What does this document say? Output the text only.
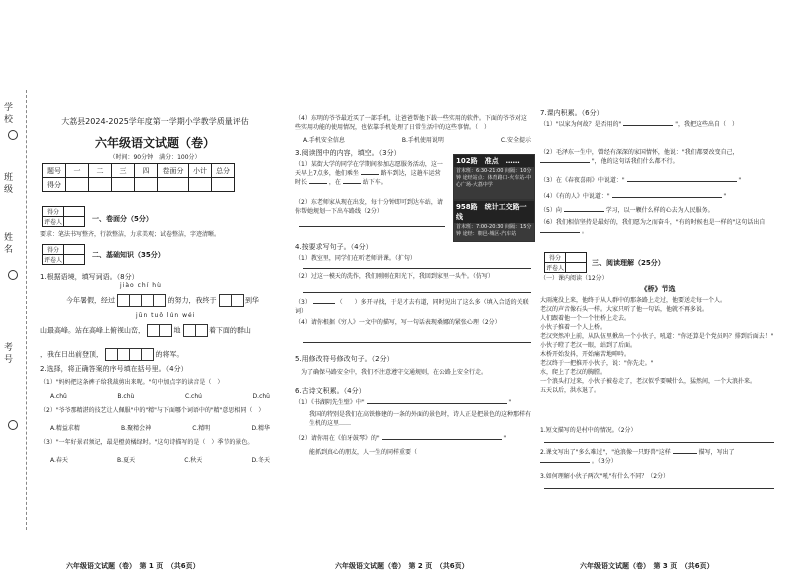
学
校
班
级
姓
名
考
号
大荔县2024-2025学年度第一学期小学教学质量评估
六年级语文试题（卷）
（时间：90分钟　满分：100分）
题号	一	二	三	四	卷面分	小计	总分
得分							
得分	
评卷人		一、卷面分（5分）
要求：笔法书写整齐，行款整洁，力求美观；试卷整洁，字迹清晰。
得分	
评卷人	
二、基础知识（35分）
1.根据语境，填写词语。（8分）
jiào chí hù
今年暑假，经过	的努力，我终于	到华
jūn tuǒ lún wéi
山最高峰。站在高峰上俯视山峦，	地	着下面的群山
，我在日出前登顶，	的将军。
2.选择，将正确答案的序号填在括号里。（4分）
（1）"妈妈把这条裤子给我裁剪出来呢。"句中加点字的读音是（　）
A.chǔ	B.chù	C.chú	D.chū
（2）"爷爷那精湛的技艺让人佩服"中的"精"与下面哪个词语中的"精"意思相同（　）
A.精益求精	B.聚精会神	C.精明	D.精华
（3）"一年好景君须记，最是橙黄橘绿时。"这句诗描写的是（　）季节的景色。
A.春天	B.夏天	C.秋天	D.冬天
六年级语文试题（卷）　第 1 页　（共6页）
（4）东明的爷爷最近买了一部手机，让爸爸帮他下载一些实用的软件。下面的爷爷对这些实用功能的使用情况，也依靠手机处理了日常生活中的这些事情。（　）
A.手机安全信息	B.手机使用说明	C.安全提示
3.阅读图中的内容，填空。（3分）
（1）某街大学的同学在学期间参加志愿服务活动，这一天早上7点多，他们乘坐	路车到达，这趟车运营时长	，在	站下车。
（2）东老师家从现在出发，每十分钟即可到达车站，请你帮她规划一下出车路线（2分）
102路　准点　……
首末班：6:30-21:00 间隔：10分钟 途经站点：体育路口-火车站-中心广场-大荔中学
958路　统计工交路一线
首末班：7:00-20:30 间隔：15分钟 途经：朝邑-城区-汽车站
4.按要求写句子。（4分）
（1）教室里，同学们在听老师讲课。（扩句）
（2）过这一模天的洗作，我们刚刚在阳光下，我回到家里一头牛。（仿写）
（3）	（　　）多开寻找，于是才去有道，同时见出了这么多（填入合适的关联词）
（4）请你根据《穷人》一文中的描写，写一句话表现桑娜的紧张心理（2分）
5.用修改符号修改句子。（2分）
为了确保马路安全中，我们不注意遵守交通规则，在公路上安全行走。
6.古诗文积累。（4分）
（1）《书湖阴先生壁》中"	"
我国的特别是我们在高铁修建的一条的外面的景色时，诗人正是把景色的这种那样有生机的这里……
（2）请你用在《伯牙鼓琴》的"	"
能抓到真心的朋友，人一生的同样重要（
六年级语文试题（卷）　第 2 页　（共6页）
7.课内积累。（6分）
（1）"以家为何故？是否用的"	"，我把这些出自（　）
（2）毛泽东一生中，曾经有深深的家国情怀，他说："我们都要改变自己，  "，他的这句话我们什么都不行。
（3）在《春夜喜雨》中说道："	"
（4）《有的人》中说道："	"
（5）向	学习，以一颗什么样的心去为人民服务。
（6）我们相信坚持是最好的，我们愿为之而奋斗，"有的时候也是一样的"这句话出自  。
得分	
评卷人	
三、阅读理解（25分）
（一）课内阅读（12分）
《桥》节选
大雨淹没上来，他终于从人群中的那条路上走过，他要送走每一个人。
老汉的声音像石头一样。大家只听了他一句话，他就不再多说。
人们跟着他一个一个往桥上走去。
小伙子推着一个人上桥。
老汉突然冲上前，从队伍里揪出一个小伙子，吼道："你还算是个党员吗？排到后面去！"
小伙子瞪了老汉一眼，站到了后面。
木桥开始发抖，开始痛苦地呻吟。
老汉终于一把推开小伙子，说："你先走。"
水，爬上了老汉的胸膛。
一个浪头打过来，小伙子被卷走了，老汉似乎要喊什么，猛然间，一个大浪扑来。
五天以后，洪水退了。
1.短文描写的是村中的情况。（2分）
2.课文写出了"多么难过"，"沧浪像一只野兽"这样	描写，写出了  。（3分）
3.如何理解小伙子两次"吼"有什么不同？（2分）
六年级语文试题（卷）　第 3 页　（共6页）
